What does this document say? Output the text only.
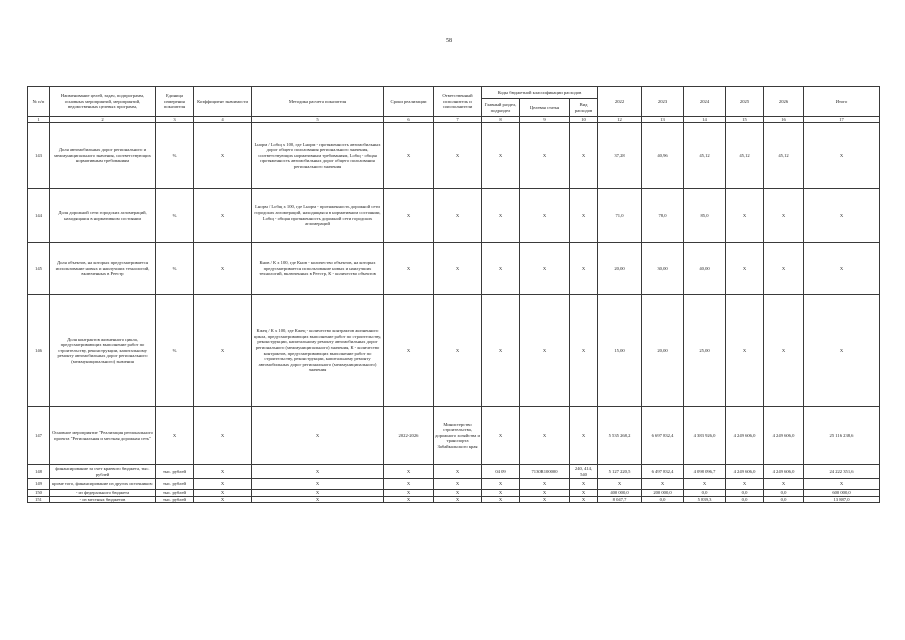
58
№ п/п	Наименование целей, задач, подпрограмм, основных мероприятий, мероприятий, ведомственных целевых программ,	Единица измерения показателя	Коэффициент значимости	Методика расчета показателя	Сроки реализации	Ответственный исполнитель и соисполнители	Коды бюджетной классификации расходов			2022	2023	2024	2025	2026	Итого
							Главный раздел, подраздел	Целевая статья	Вид расходов						
1	2	3	4	5	6	7	8	9	10	12	13	14	15	16	17
143	Доля автомобильных дорог регионального и межмуниципального значения, соответствующих нормативным требованиям	%	X	Lнорм / Lобщ x 100, где Lнорм - протяженность автомобильных дорог общего пользования регионального значения, соответствующих нормативным требованиям, Lобщ - общая протяженность автомобильных дорог общего пользования регионального значения	X	X	X	X	X	37,28	40,96	45,12	45,12	45,12	X
144	Доля дорожной сети городских агломераций, находящаяся в нормативном состоянии	%	X	Lнорм / Lобщ x 100, где Lнорм - протяженность дорожной сети городских агломераций, находящаяся в нормативном состоянии, Lобщ - общая протяженность дорожной сети городских агломераций	X	X	X	X	X	71,0	78,0	85,0	X	X	X
145	Доля объектов, на которых предусматривается использование новых и наилучших технологий, включенных в Реестр	%	X	Кнов / К x 100, где Кнов - количество объектов, на которых предусматривается использование новых и наилучших технологий, включенных в Реестр, К - количество объектов	X	X	X	X	X	20,00	30,00	40,00	X	X	X
146	Доля контрактов жизненного цикла, предусматривающих выполнение работ по строительству, реконструкции, капитальному ремонту автомобильных дорог регионального (межмуниципального) значения	%	X	Кжец / К x 100, где Кжец - количество контрактов жизненного цикла, предусматривающих выполнение работ по строительству, реконструкции, капитальному ремонту автомобильных дорог регионального (межмуниципального) значения, К - количество контрактов, предусматривающих выполнение работ по строительству, реконструкции, капитальному ремонту автомобильных дорог регионального (межмуниципального) значения	X	X	X	X	X	15,00	20,00	25,00	X	X	X
147	Основное мероприятие "Реализация регионального проекта "Региональная и местная дорожная сеть"	X	X	X	2022-2026	Министерство строительства, дорожного хозяйства и транспорта Забайкальского края	X	X	X	5 535 268,2	6 697 832,4	4 383 926,0	4 249 606,0	4 249 606,0	25 116 238,6
148	финансирование за счет краевого бюджета, тыс. рублей	тыс. рублей	X	X	X	X	04 09	7130R100000	240, 414, 540	5 127 220,5	6 497 832,4	4 098 096,7	4 249 606,0	4 249 606,0	24 222 351,6
149	кроме того, финансирование из других источников:	тыс. рублей	X	X	X	X	X	X	X	X	X	X	X	X	X
150	- из федерального бюджета	тыс. рублей	X	X	X	X	X	X	X	400 000,0	200 000,0	0,0	0,0	0,0	600 000,0
151	- из местных бюджетов	тыс. рублей	X	X	X	X	X	X	X	8 047,7	0,0	5 839,3	0,0	0,0	13 887,0
